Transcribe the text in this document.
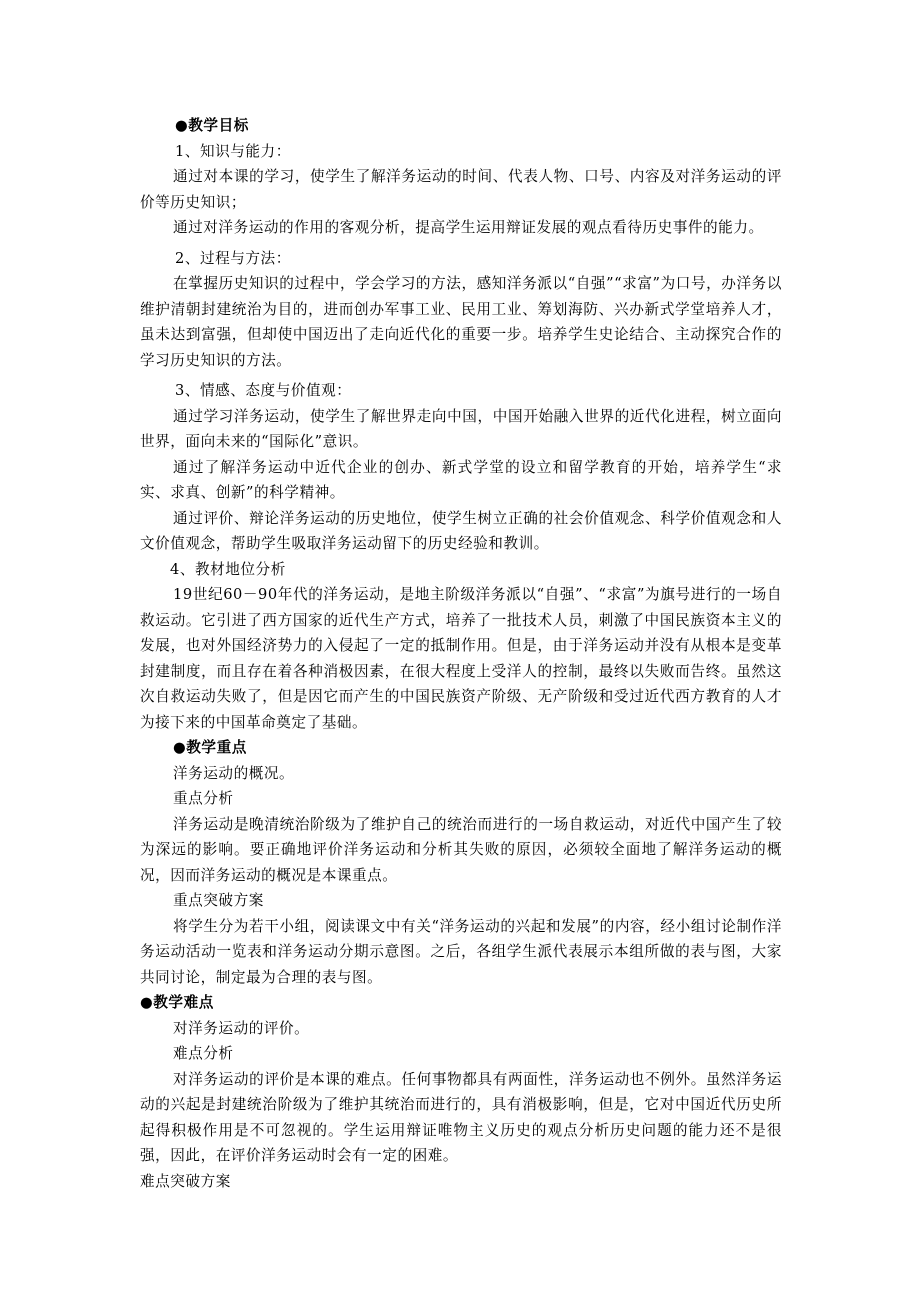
●教学目标

1、知识与能力：

通过对本课的学习，使学生了解洋务运动的时间、代表人物、口号、内容及对洋务运动的评价等历史知识；

通过对洋务运动的作用的客观分析，提高学生运用辩证发展的观点看待历史事件的能力。

2、过程与方法：

在掌握历史知识的过程中，学会学习的方法，感知洋务派以“自强”“求富”为口号，办洋务以维护清朝封建统治为目的，进而创办军事工业、民用工业、筹划海防、兴办新式学堂培养人才，虽未达到富强，但却使中国迈出了走向近代化的重要一步。培养学生史论结合、主动探究合作的学习历史知识的方法。

3、情感、态度与价值观：

通过学习洋务运动，使学生了解世界走向中国，中国开始融入世界的近代化进程，树立面向世界，面向未来的“国际化”意识。

通过了解洋务运动中近代企业的创办、新式学堂的设立和留学教育的开始，培养学生“求实、求真、创新”的科学精神。

通过评价、辩论洋务运动的历史地位，使学生树立正确的社会价值观念、科学价值观念和人文价值观念，帮助学生吸取洋务运动留下的历史经验和教训。

4、教材地位分析

19世纪60－90年代的洋务运动，是地主阶级洋务派以“自强”、“求富”为旗号进行的一场自救运动。它引进了西方国家的近代生产方式，培养了一批技术人员，刺激了中国民族资本主义的发展，也对外国经济势力的入侵起了一定的抵制作用。但是，由于洋务运动并没有从根本是变革封建制度，而且存在着各种消极因素，在很大程度上受洋人的控制，最终以失败而告终。虽然这次自救运动失败了，但是因它而产生的中国民族资产阶级、无产阶级和受过近代西方教育的人才为接下来的中国革命奠定了基础。

●教学重点

洋务运动的概况。

重点分析

洋务运动是晚清统治阶级为了维护自己的统治而进行的一场自救运动，对近代中国产生了较为深远的影响。要正确地评价洋务运动和分析其失败的原因，必须较全面地了解洋务运动的概况，因而洋务运动的概况是本课重点。

重点突破方案

将学生分为若干小组，阅读课文中有关“洋务运动的兴起和发展”的内容，经小组讨论制作洋务运动活动一览表和洋务运动分期示意图。之后，各组学生派代表展示本组所做的表与图，大家共同讨论，制定最为合理的表与图。

●教学难点

对洋务运动的评价。

难点分析

对洋务运动的评价是本课的难点。任何事物都具有两面性，洋务运动也不例外。虽然洋务运动的兴起是封建统治阶级为了维护其统治而进行的，具有消极影响，但是，它对中国近代历史所起得积极作用是不可忽视的。学生运用辩证唯物主义历史的观点分析历史问题的能力还不是很强，因此，在评价洋务运动时会有一定的困难。

难点突破方案
